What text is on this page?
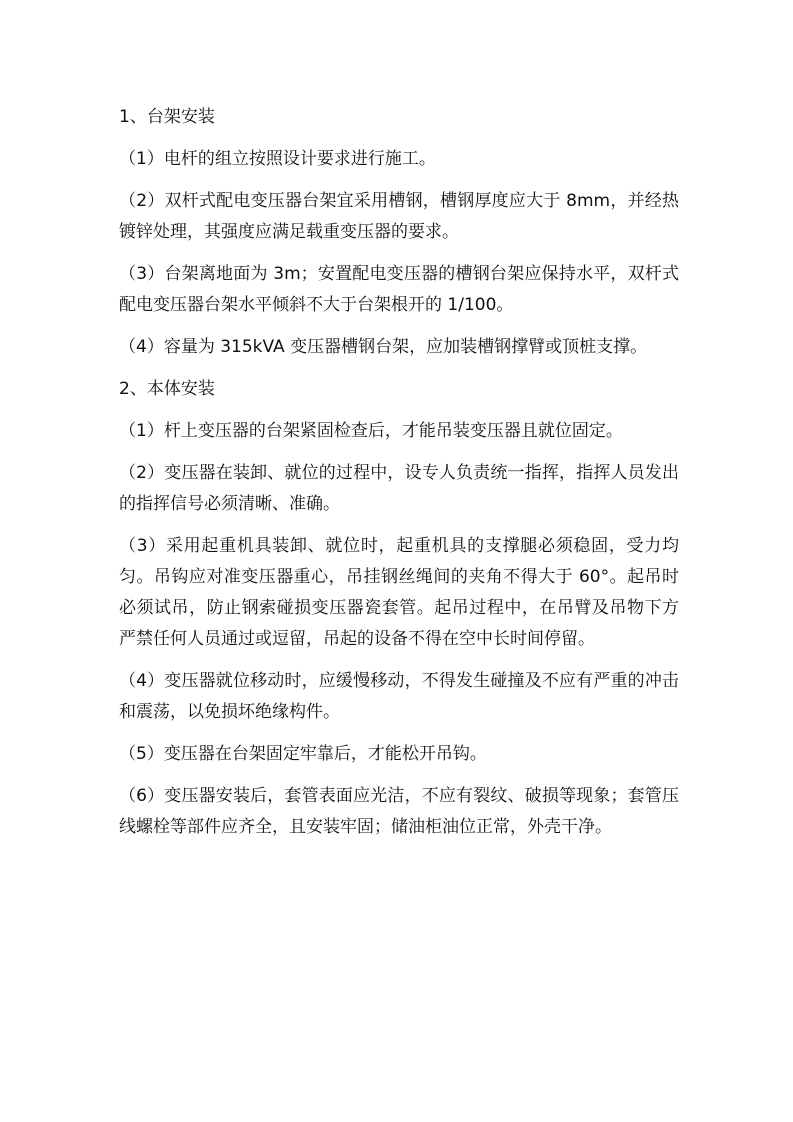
1、台架安装

（1）电杆的组立按照设计要求进行施工。

（2）双杆式配电变压器台架宜采用槽钢，槽钢厚度应大于 8mm，并经热镀锌处理，其强度应满足载重变压器的要求。

（3）台架离地面为 3m；安置配电变压器的槽钢台架应保持水平，双杆式配电变压器台架水平倾斜不大于台架根开的 1/100。

（4）容量为 315kVA 变压器槽钢台架，应加装槽钢撑臂或顶桩支撑。

2、本体安装

（1）杆上变压器的台架紧固检查后，才能吊装变压器且就位固定。

（2）变压器在装卸、就位的过程中，设专人负责统一指挥，指挥人员发出的指挥信号必须清晰、准确。

（3）采用起重机具装卸、就位时，起重机具的支撑腿必须稳固，受力均匀。吊钩应对准变压器重心，吊挂钢丝绳间的夹角不得大于 60°。起吊时必须试吊，防止钢索碰损变压器瓷套管。起吊过程中，在吊臂及吊物下方严禁任何人员通过或逗留，吊起的设备不得在空中长时间停留。

（4）变压器就位移动时，应缓慢移动，不得发生碰撞及不应有严重的冲击和震荡，以免损坏绝缘构件。

（5）变压器在台架固定牢靠后，才能松开吊钩。

（6）变压器安装后，套管表面应光洁，不应有裂纹、破损等现象；套管压线螺栓等部件应齐全，且安装牢固；储油柜油位正常，外壳干净。
